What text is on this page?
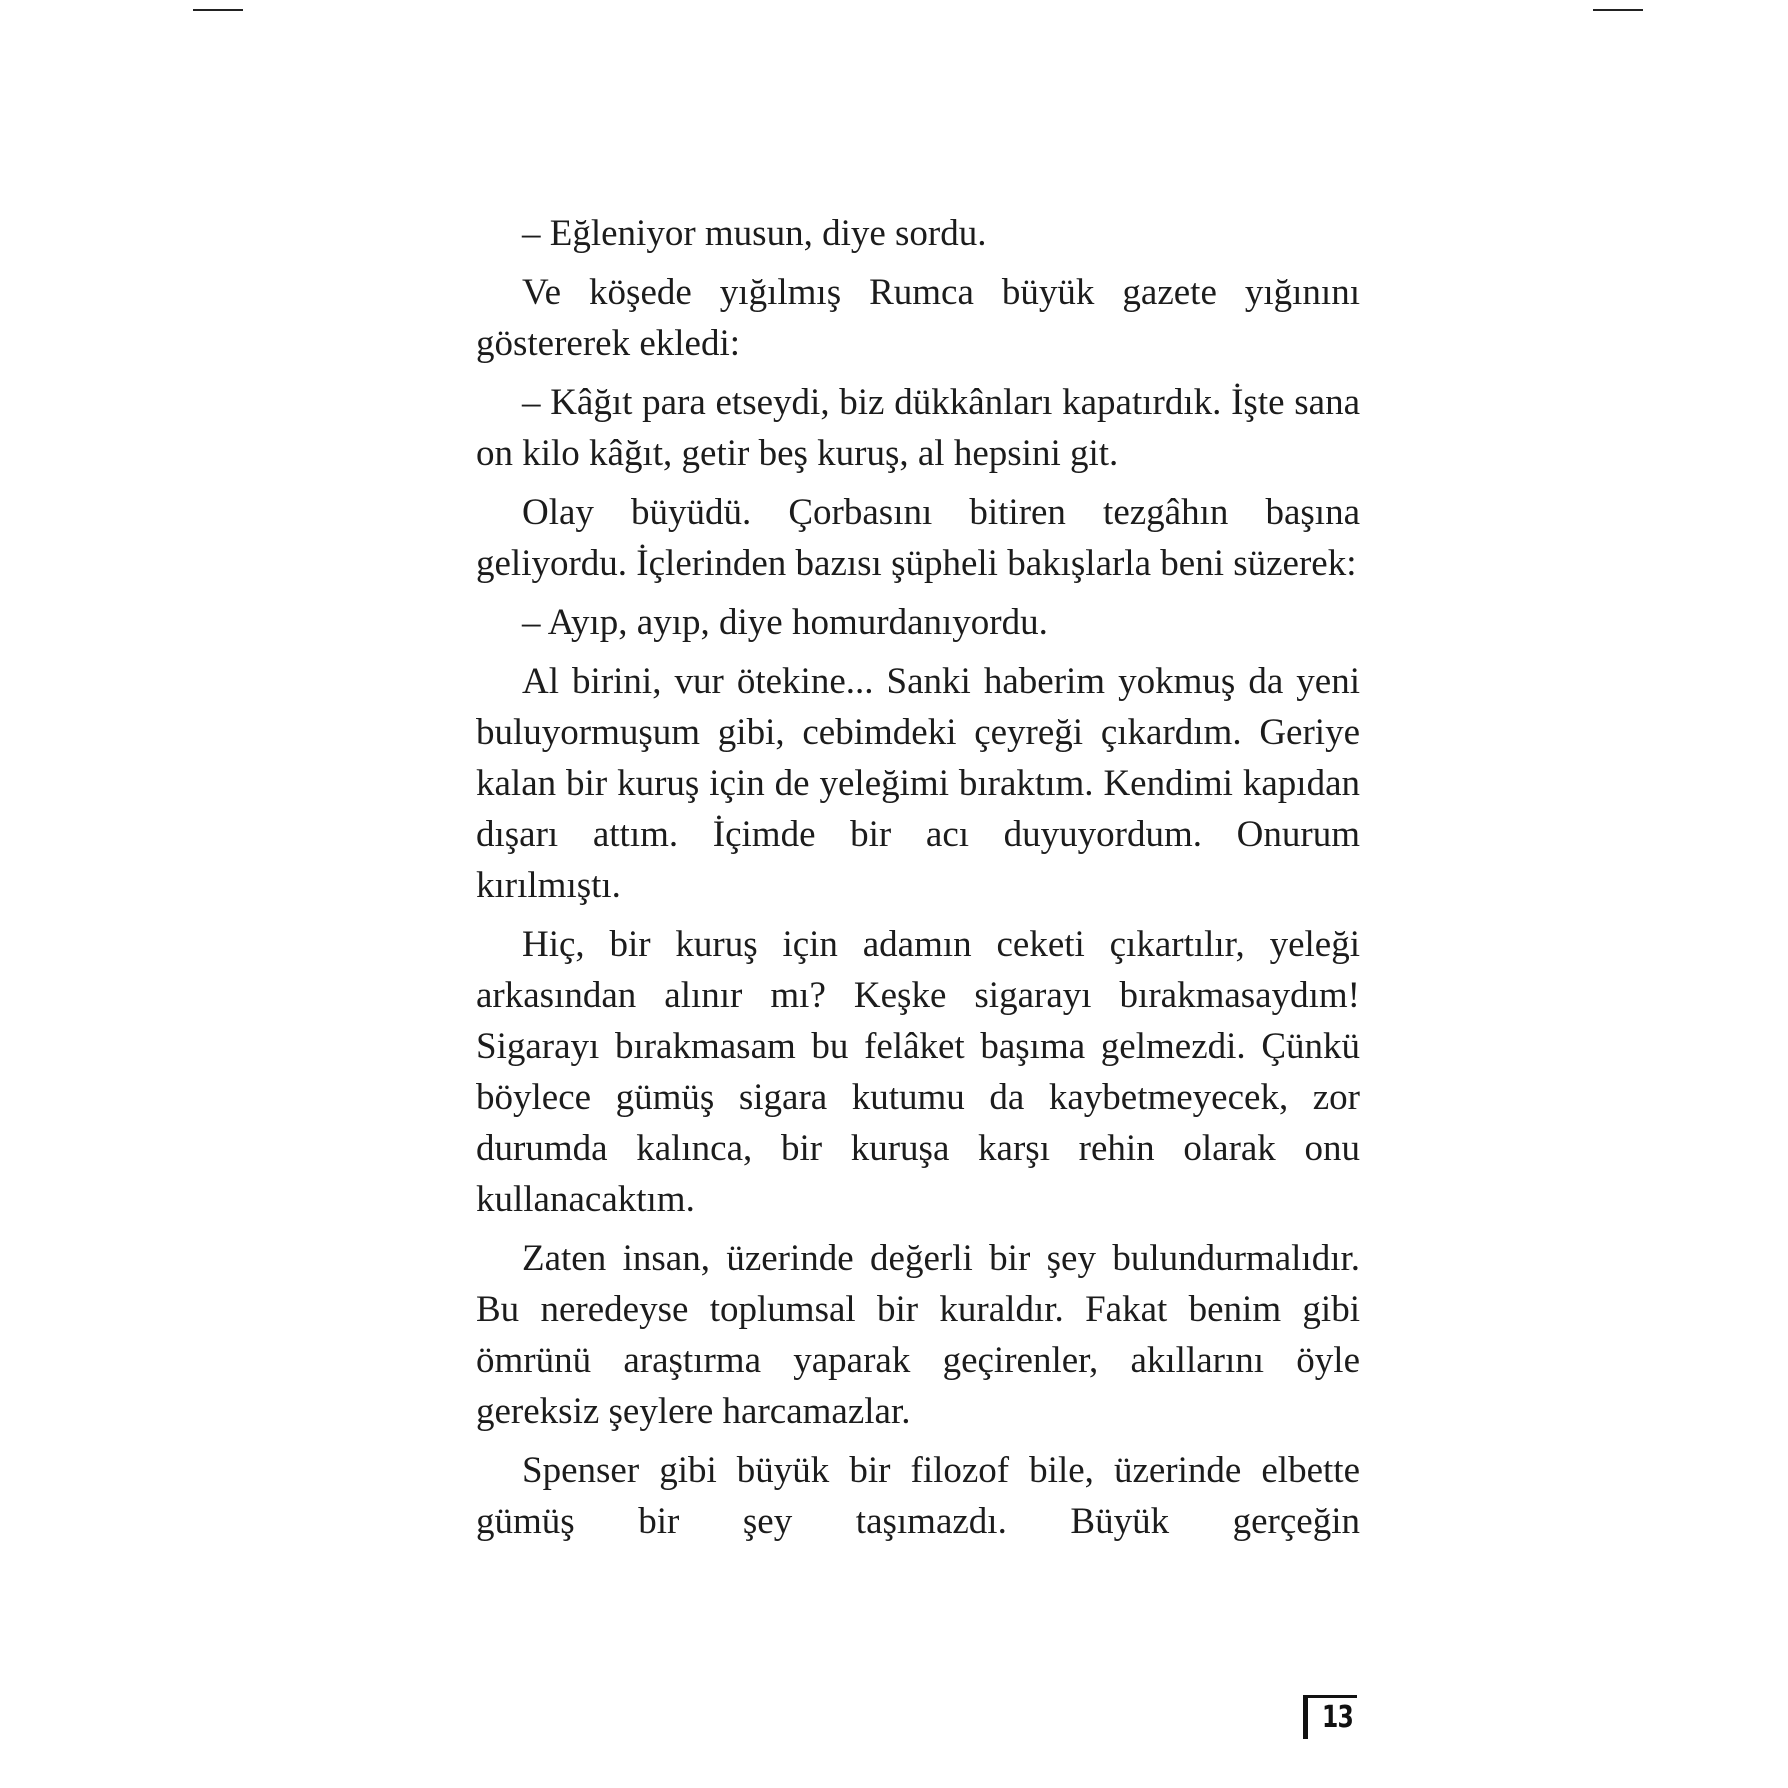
– Eğleniyor musun, diye sordu.

Ve köşede yığılmış Rumca büyük gazete yığınını göstererek ekledi:

– Kâğıt para etseydi, biz dükkânları kapatırdık. İşte sana on kilo kâğıt, getir beş kuruş, al hepsini git.

Olay büyüdü. Çorbasını bitiren tezgâhın başına geliyordu. İçlerinden bazısı şüpheli bakışlarla beni süzerek:

– Ayıp, ayıp, diye homurdanıyordu.

Al birini, vur ötekine... Sanki haberim yokmuş da yeni buluyormuşum gibi, cebimdeki çeyreği çıkardım. Geriye kalan bir kuruş için de yeleğimi bıraktım. Kendimi kapıdan dışarı attım. İçimde bir acı duyuyordum. Onurum kırılmıştı.

Hiç, bir kuruş için adamın ceketi çıkartılır, yeleği arkasından alınır mı? Keşke sigarayı bırakmasaydım! Sigarayı bırakmasam bu felâket başıma gelmezdi. Çünkü böylece gümüş sigara kutumu da kaybetmeyecek, zor durumda kalınca, bir kuruşa karşı rehin olarak onu kullanacaktım.

Zaten insan, üzerinde değerli bir şey bulundurmalıdır. Bu neredeyse toplumsal bir kuraldır. Fakat benim gibi ömrünü araştırma yaparak geçirenler, akıllarını öyle gereksiz şeylere harcamazlar.

Spenser gibi büyük bir filozof bile, üzerinde elbette gümüş bir şey taşımazdı. Büyük gerçeğin

13
